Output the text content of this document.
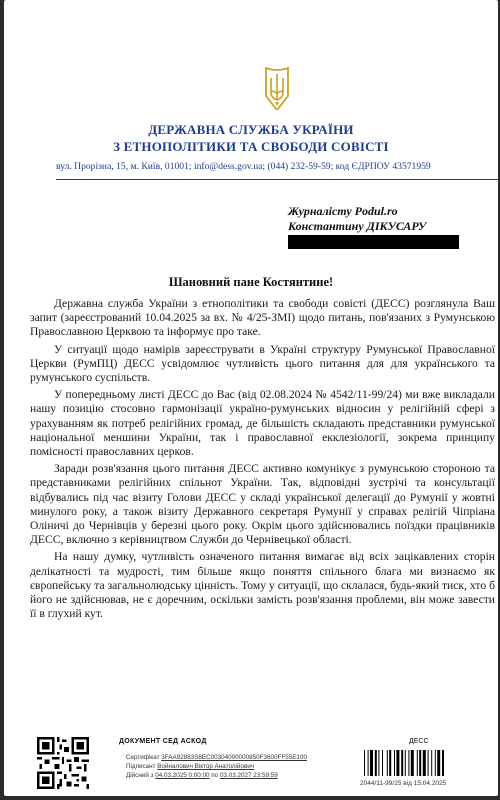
ДЕРЖАВНА СЛУЖБА УКРАЇНИ
З ЕТНОПОЛІТИКИ ТА СВОБОДИ СОВІСТІ
вул. Прорізна, 15, м. Київ, 01001; info@dess.gov.ua; (044) 232-59-59; код ЄДРПОУ 43571959
Журналісту Podul.ro
Константину ДІКУСАРУ
Шановний пане Костянтине!

Державна служба України з етнополітики та свободи совісті (ДЕСС) розглянула Ваш запит (зареєстрований 10.04.2025 за вх. № 4/25-ЗМІ) щодо питань, пов'язаних з Румунською Православною Церквою та інформує про таке.

У ситуації щодо намірів зареєструвати в Україні структуру Румунської Православної Церкви (РумПЦ) ДЕСС усвідомлює чутливість цього питання для для українського та румунського суспільств.

У попередньому листі ДЕСС до Вас (від 02.08.2024 № 4542/11-99/24) ми вже викладали нашу позицію стосовно гармонізації україно-румунських відносин у релігійній сфері з урахуванням як потреб релігійних громад, де більшість складають представники румунської національної меншини України, так і православної екклезіології, зокрема принципу помісності православних церков.

Заради розв'язання цього питання ДЕСС активно комунікує з румунською стороною та представниками релігійних спільнот України. Так, відповідні зустрічі та консультації відбувались під час візиту Голови ДЕСС у складі української делегації до Румунії у жовтні минулого року, а також візиту Державного секретаря Румунії у справах релігій Чіпріана Оліничі до Чернівців у березні цього року. Окрім цього здійснювались поїздки працівників ДЕСС, включно з керівництвом Служби до Чернівецької області.

На нашу думку, чутливість означеного питання вимагає від всіх зацікавлених сторін делікатності та мудрості, тим більше якщо поняття спільного блага ми визнаємо як європейську та загальнолюдську цінність. Тому у ситуації, що склалася, будь-який тиск, хто б його не здійснював, не є доречним, оскільки замість розв'язання проблеми, він може завести її в глухий кут.

ДОКУМЕНТ СЕД АСКОД
Сертифікат 3FAA92883S8EC00304000000850F3600FF55E100
Підписант Войналович Віктор Анатолійович
Дійсний з 04.03.2025 0:00:00 по 03.03.2027 23:59:59
ДЕСС
2044/11-99/25 від 15.04.2025
